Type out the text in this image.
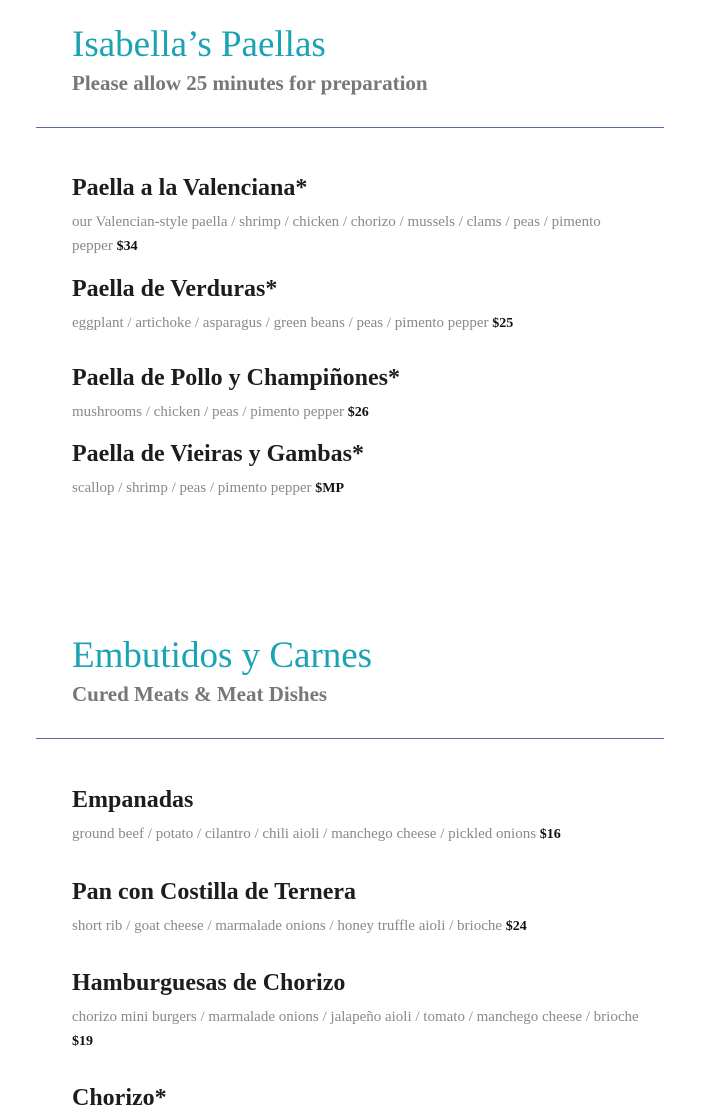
Isabella’s Paellas

Please allow 25 minutes for preparation

Paella a la Valenciana*

our Valencian-style paella / shrimp / chicken / chorizo / mussels / clams / peas / pimento pepper $34

Paella de Verduras*

eggplant / artichoke / asparagus / green beans / peas / pimento pepper $25

Paella de Pollo y Champiñones*

mushrooms / chicken / peas / pimento pepper $26

Paella de Vieiras y Gambas*

scallop / shrimp / peas / pimento pepper $MP

Embutidos y Carnes

Cured Meats & Meat Dishes

Empanadas

ground beef / potato / cilantro / chili aioli / manchego cheese / pickled onions $16

Pan con Costilla de Ternera

short rib / goat cheese / marmalade onions / honey truffle aioli / brioche $24

Hamburguesas de Chorizo

chorizo mini burgers / marmalade onions / jalapeño aioli / tomato / manchego cheese / brioche $19

Chorizo*
